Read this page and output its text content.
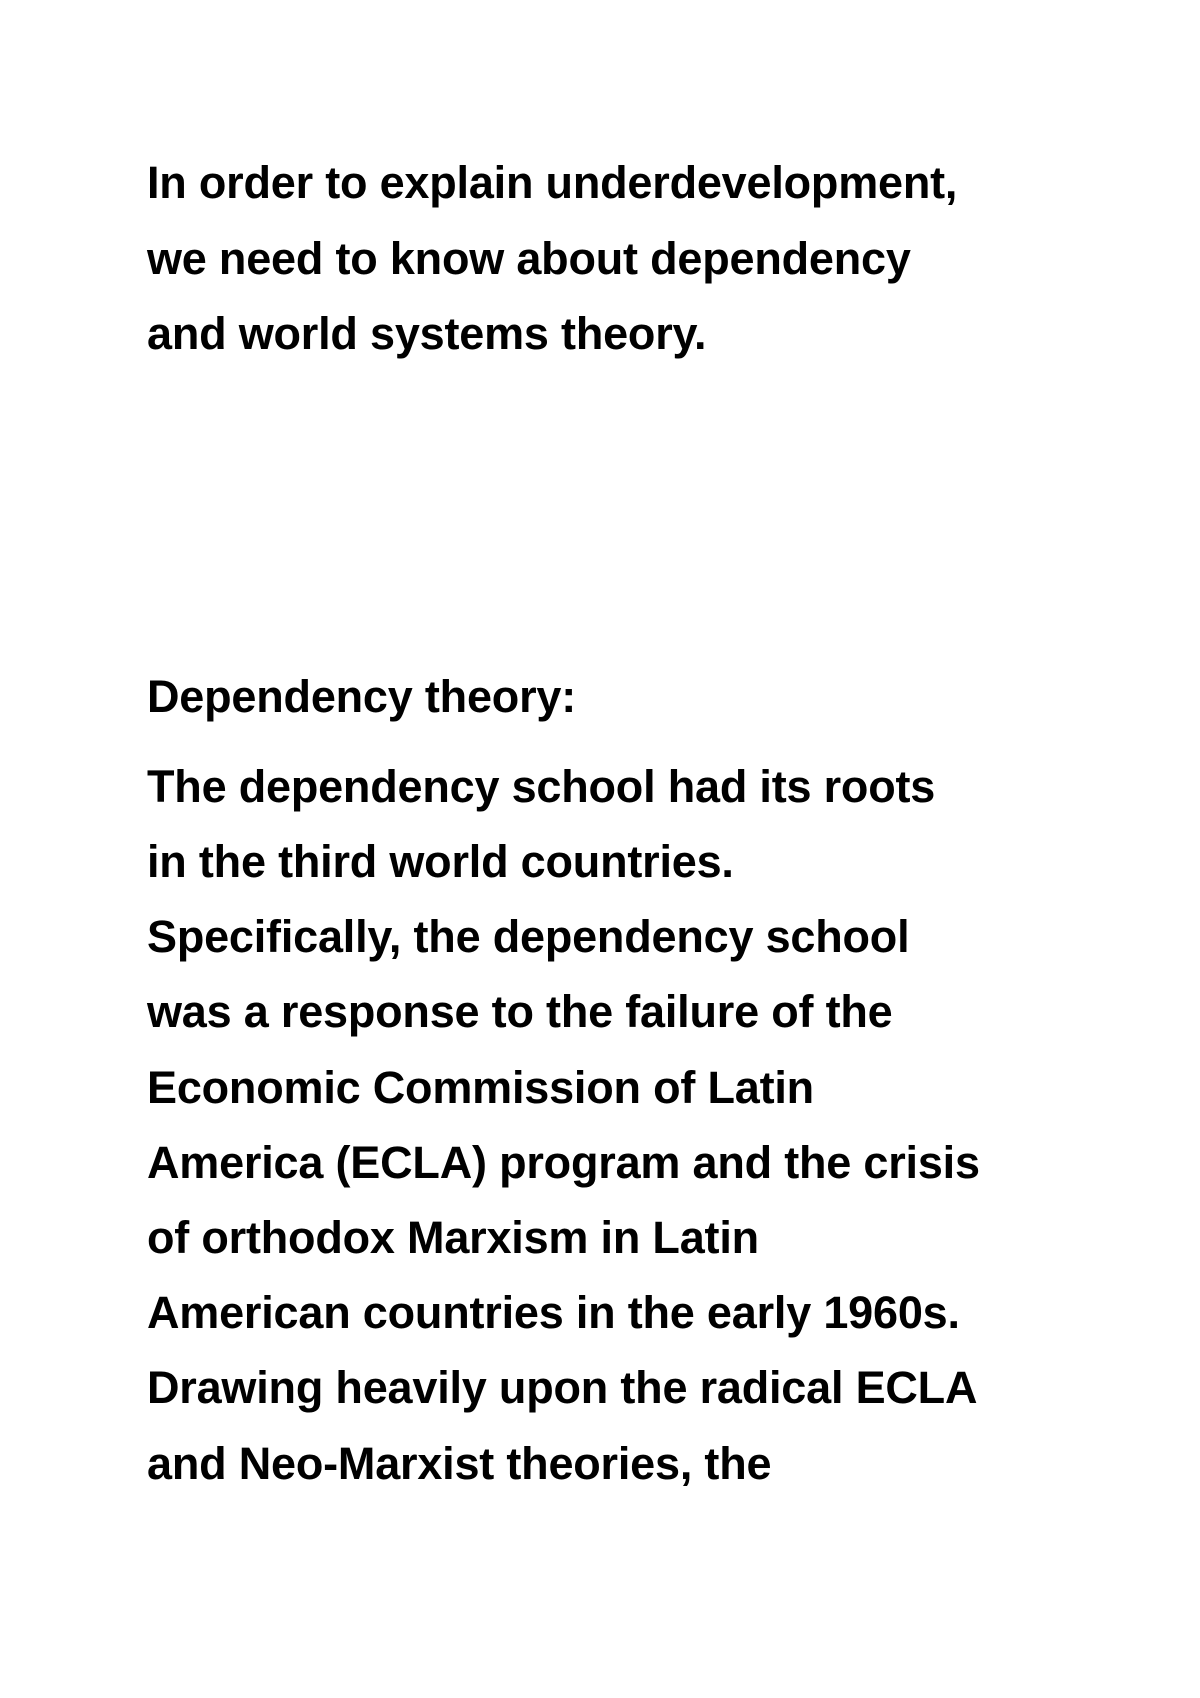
In order to explain underdevelopment,

we need to know about dependency

and world systems theory.

Dependency theory:

The dependency school had its roots

in the third world countries.

Specifically, the dependency school

was a response to the failure of the

Economic Commission of Latin

America (ECLA) program and the crisis

of orthodox Marxism in Latin

American countries in the early 1960s.

Drawing heavily upon the radical ECLA

and Neo-Marxist theories, the
